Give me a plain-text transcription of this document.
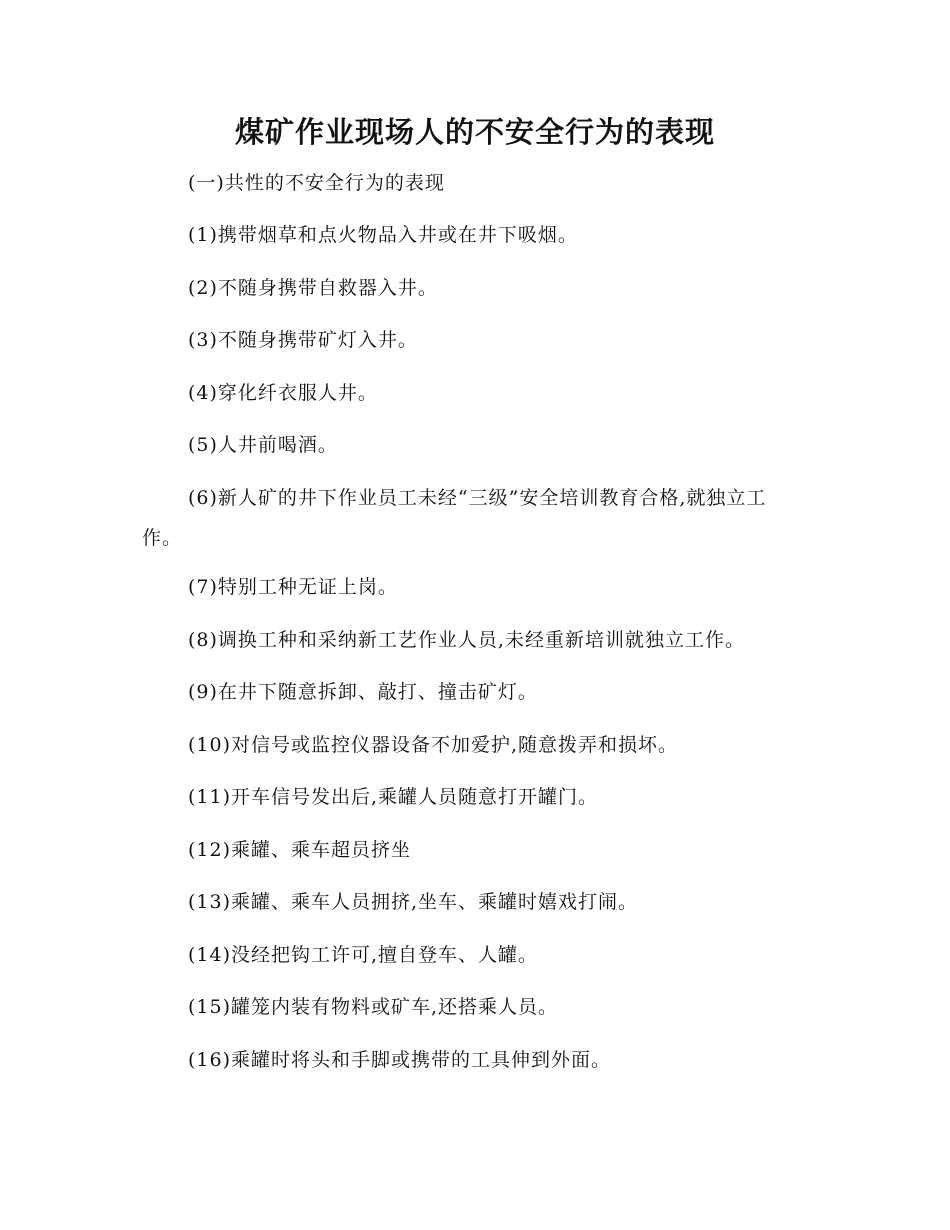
煤矿作业现场人的不安全行为的表现

(一)共性的不安全行为的表现

(1)携带烟草和点火物品入井或在井下吸烟。

(2)不随身携带自救器入井。

(3)不随身携带矿灯入井。

(4)穿化纤衣服人井。

(5)人井前喝酒。

(6)新人矿的井下作业员工未经“三级”安全培训教育合格,就独立工作。

(7)特别工种无证上岗。

(8)调换工种和采纳新工艺作业人员,未经重新培训就独立工作。

(9)在井下随意拆卸、敲打、撞击矿灯。

(10)对信号或监控仪器设备不加爱护,随意拨弄和损坏。

(11)开车信号发出后,乘罐人员随意打开罐门。

(12)乘罐、乘车超员挤坐

(13)乘罐、乘车人员拥挤,坐车、乘罐时嬉戏打闹。

(14)没经把钩工许可,擅自登车、人罐。

(15)罐笼内装有物料或矿车,还搭乘人员。

(16)乘罐时将头和手脚或携带的工具伸到外面。
